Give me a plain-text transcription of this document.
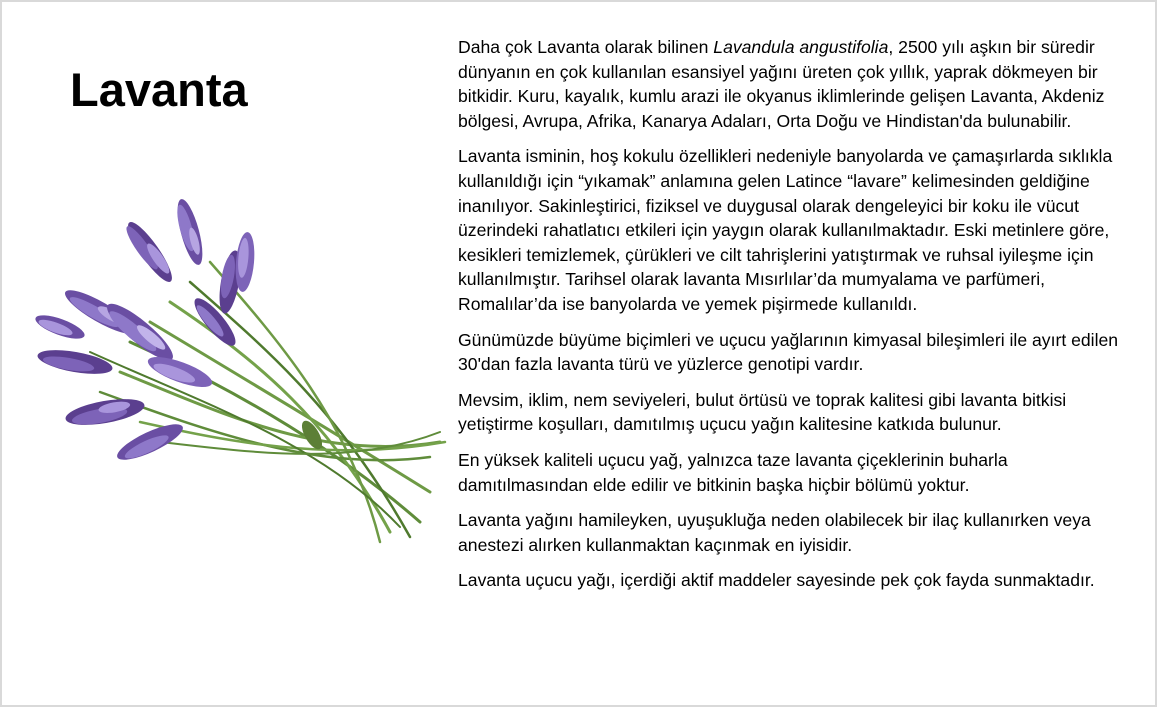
Lavanta

Daha çok Lavanta olarak bilinen Lavandula angustifolia, 2500 yılı aşkın bir süredir dünyanın en çok kullanılan esansiyel yağını üreten çok yıllık, yaprak dökmeyen bir bitkidir. Kuru, kayalık, kumlu arazi ile okyanus iklimlerinde gelişen Lavanta, Akdeniz bölgesi, Avrupa, Afrika, Kanarya Adaları, Orta Doğu ve Hindistan'da bulunabilir.

Lavanta isminin, hoş kokulu özellikleri nedeniyle banyolarda ve çamaşırlarda sıklıkla kullanıldığı için “yıkamak” anlamına gelen Latince “lavare” kelimesinden geldiğine inanılıyor. Sakinleştirici, fiziksel ve duygusal olarak dengeleyici bir koku ile vücut üzerindeki rahatlatıcı etkileri için yaygın olarak kullanılmaktadır. Eski metinlere göre, kesikleri temizlemek, çürükleri ve cilt tahrişlerini yatıştırmak ve ruhsal iyileşme için kullanılmıştır. Tarihsel olarak lavanta Mısırlılar’da mumyalama ve parfümeri, Romalılar’da ise banyolarda ve yemek pişirmede kullanıldı.

Günümüzde büyüme biçimleri ve uçucu yağlarının kimyasal bileşimleri ile ayırt edilen 30'dan fazla lavanta türü ve yüzlerce genotipi vardır.

Mevsim, iklim, nem seviyeleri, bulut örtüsü ve toprak kalitesi gibi lavanta bitkisi yetiştirme koşulları, damıtılmış uçucu yağın kalitesine katkıda bulunur.

En yüksek kaliteli uçucu yağ, yalnızca taze lavanta çiçeklerinin buharla damıtılmasından elde edilir ve bitkinin başka hiçbir bölümü yoktur.

Lavanta yağını hamileyken, uyuşukluğa neden olabilecek bir ilaç kullanırken veya anestezi alırken kullanmaktan kaçınmak en iyisidir.

Lavanta uçucu yağı, içerdiği aktif maddeler sayesinde pek çok fayda sunmaktadır.
